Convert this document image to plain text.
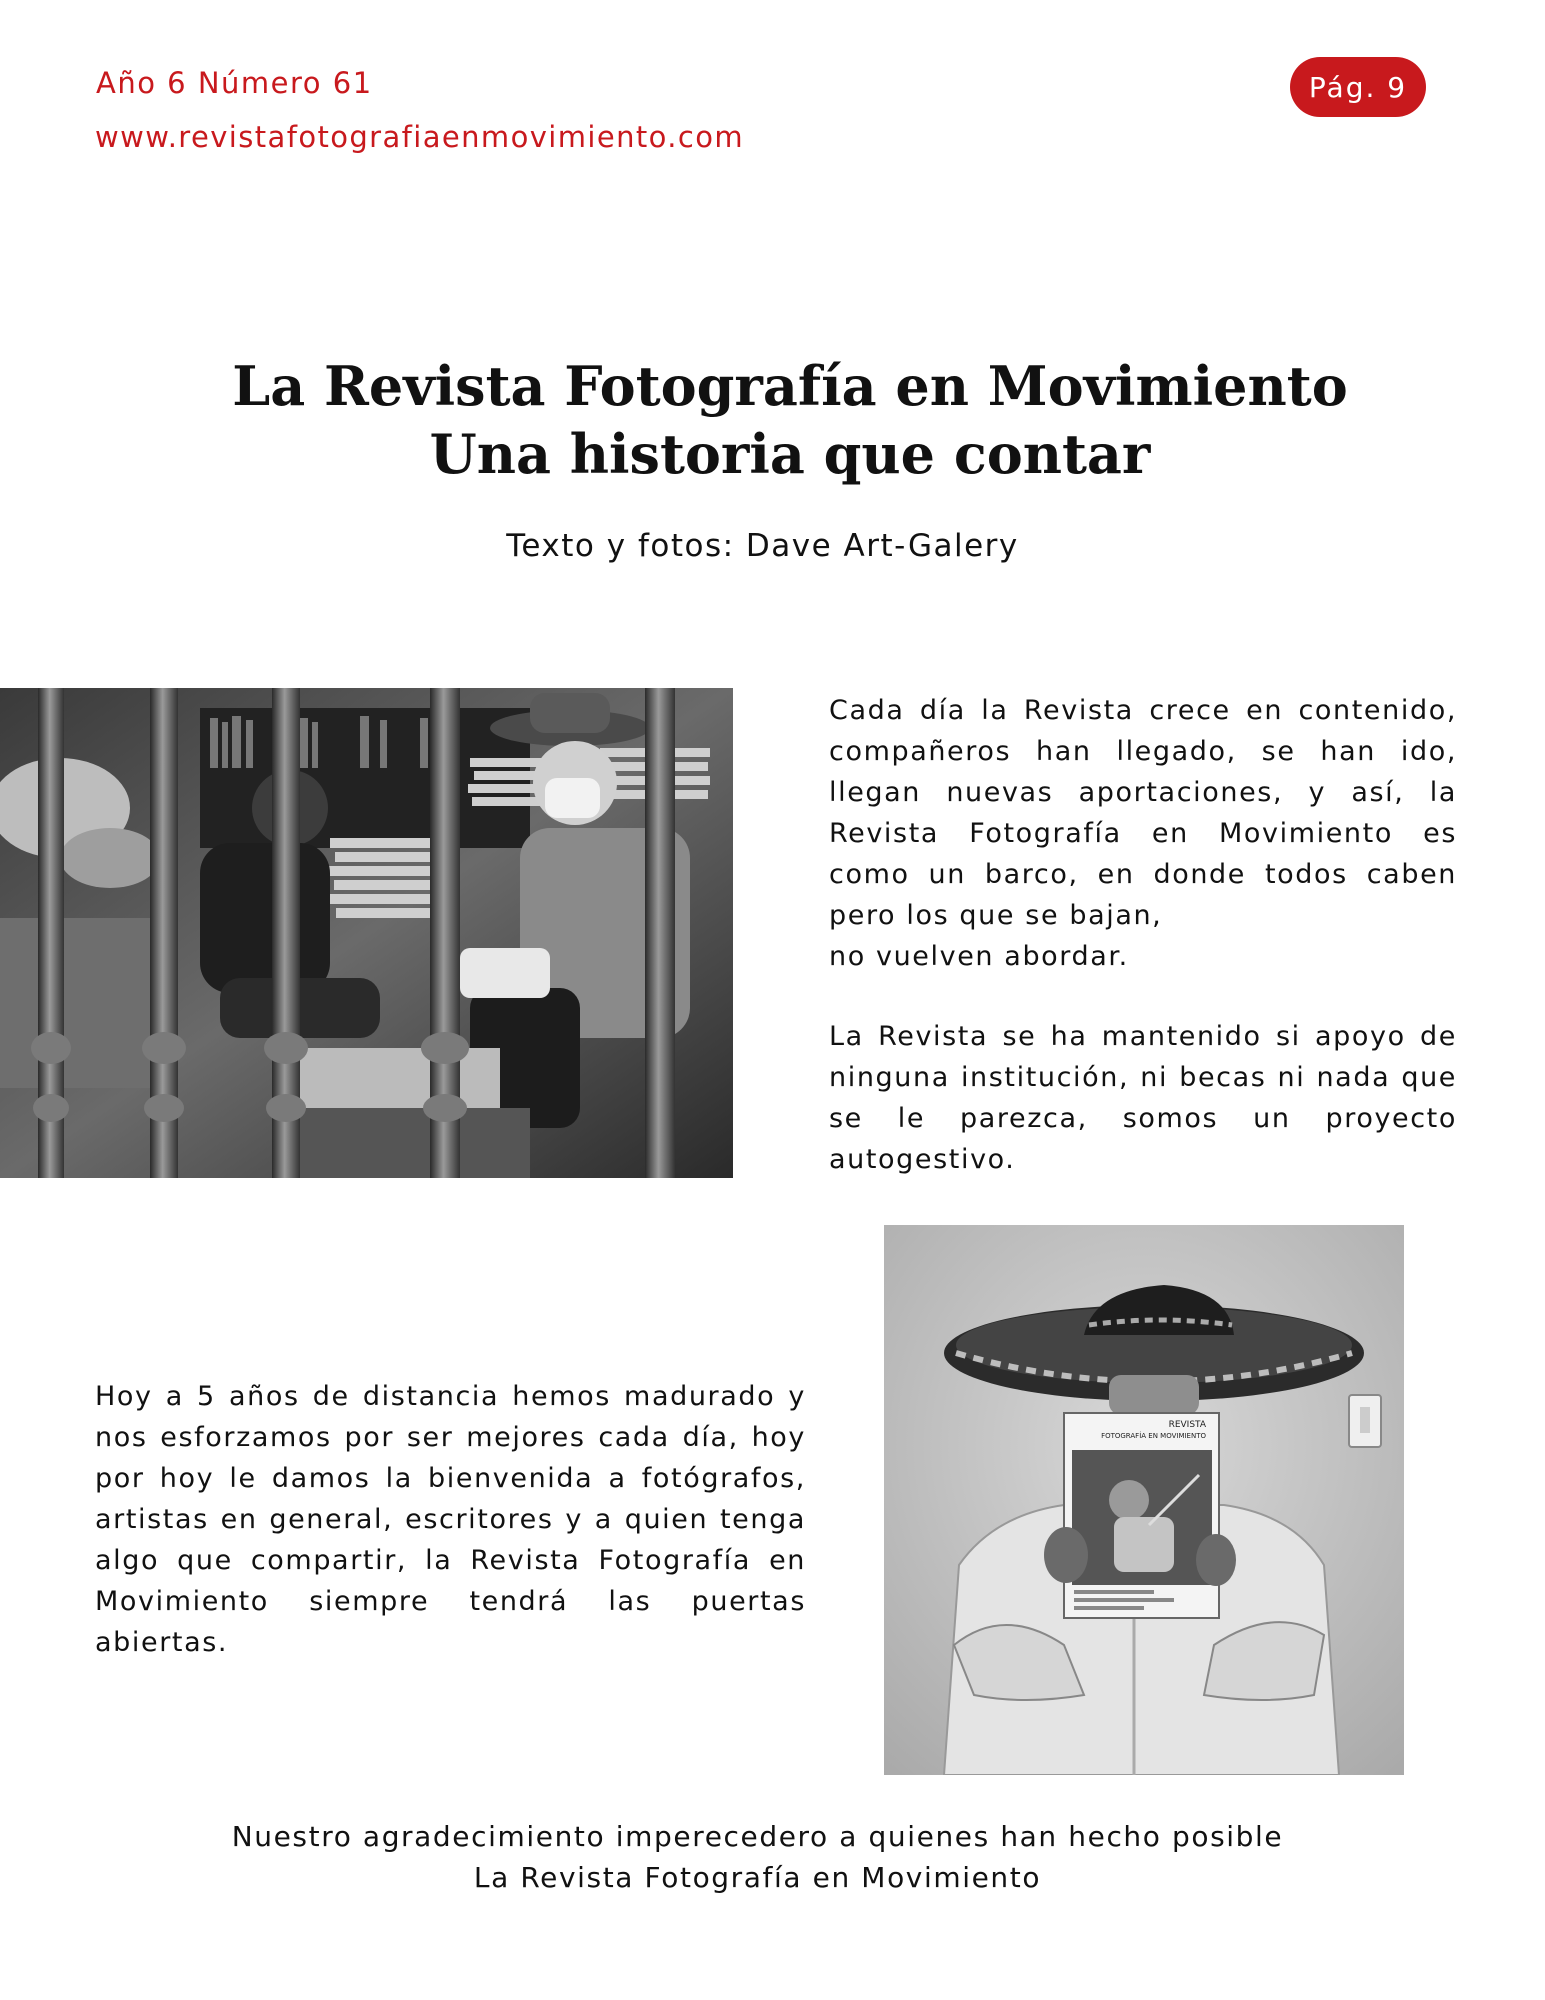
Año 6 Número 61
www.revistafotografiaenmovimiento.com
Pág. 9
La Revista Fotografía en Movimiento
Una historia que contar
Texto y fotos: Dave Art-Galery
Cada día la Revista crece en contenido, compañeros han llegado, se han ido, llegan nuevas aportaciones, y así, la Revista Fotografía en Movimiento es como un barco, en donde todos caben pero los que se bajan,
no vuelven abordar.
La Revista se ha mantenido si apoyo de ninguna institución, ni becas ni nada que se le parezca, somos un proyecto autogestivo.
REVISTA
FOTOGRAFÍA EN MOVIMIENTO
Hoy a 5 años de distancia hemos madurado y nos esforzamos por ser mejores cada día, hoy por hoy le damos la bienvenida a fotógrafos, artistas en general, escritores y a quien tenga algo que compartir, la Revista Fotografía en Movimiento siempre tendrá las puertas abiertas.
Nuestro agradecimiento imperecedero a quienes han hecho posible
La Revista Fotografía en Movimiento
